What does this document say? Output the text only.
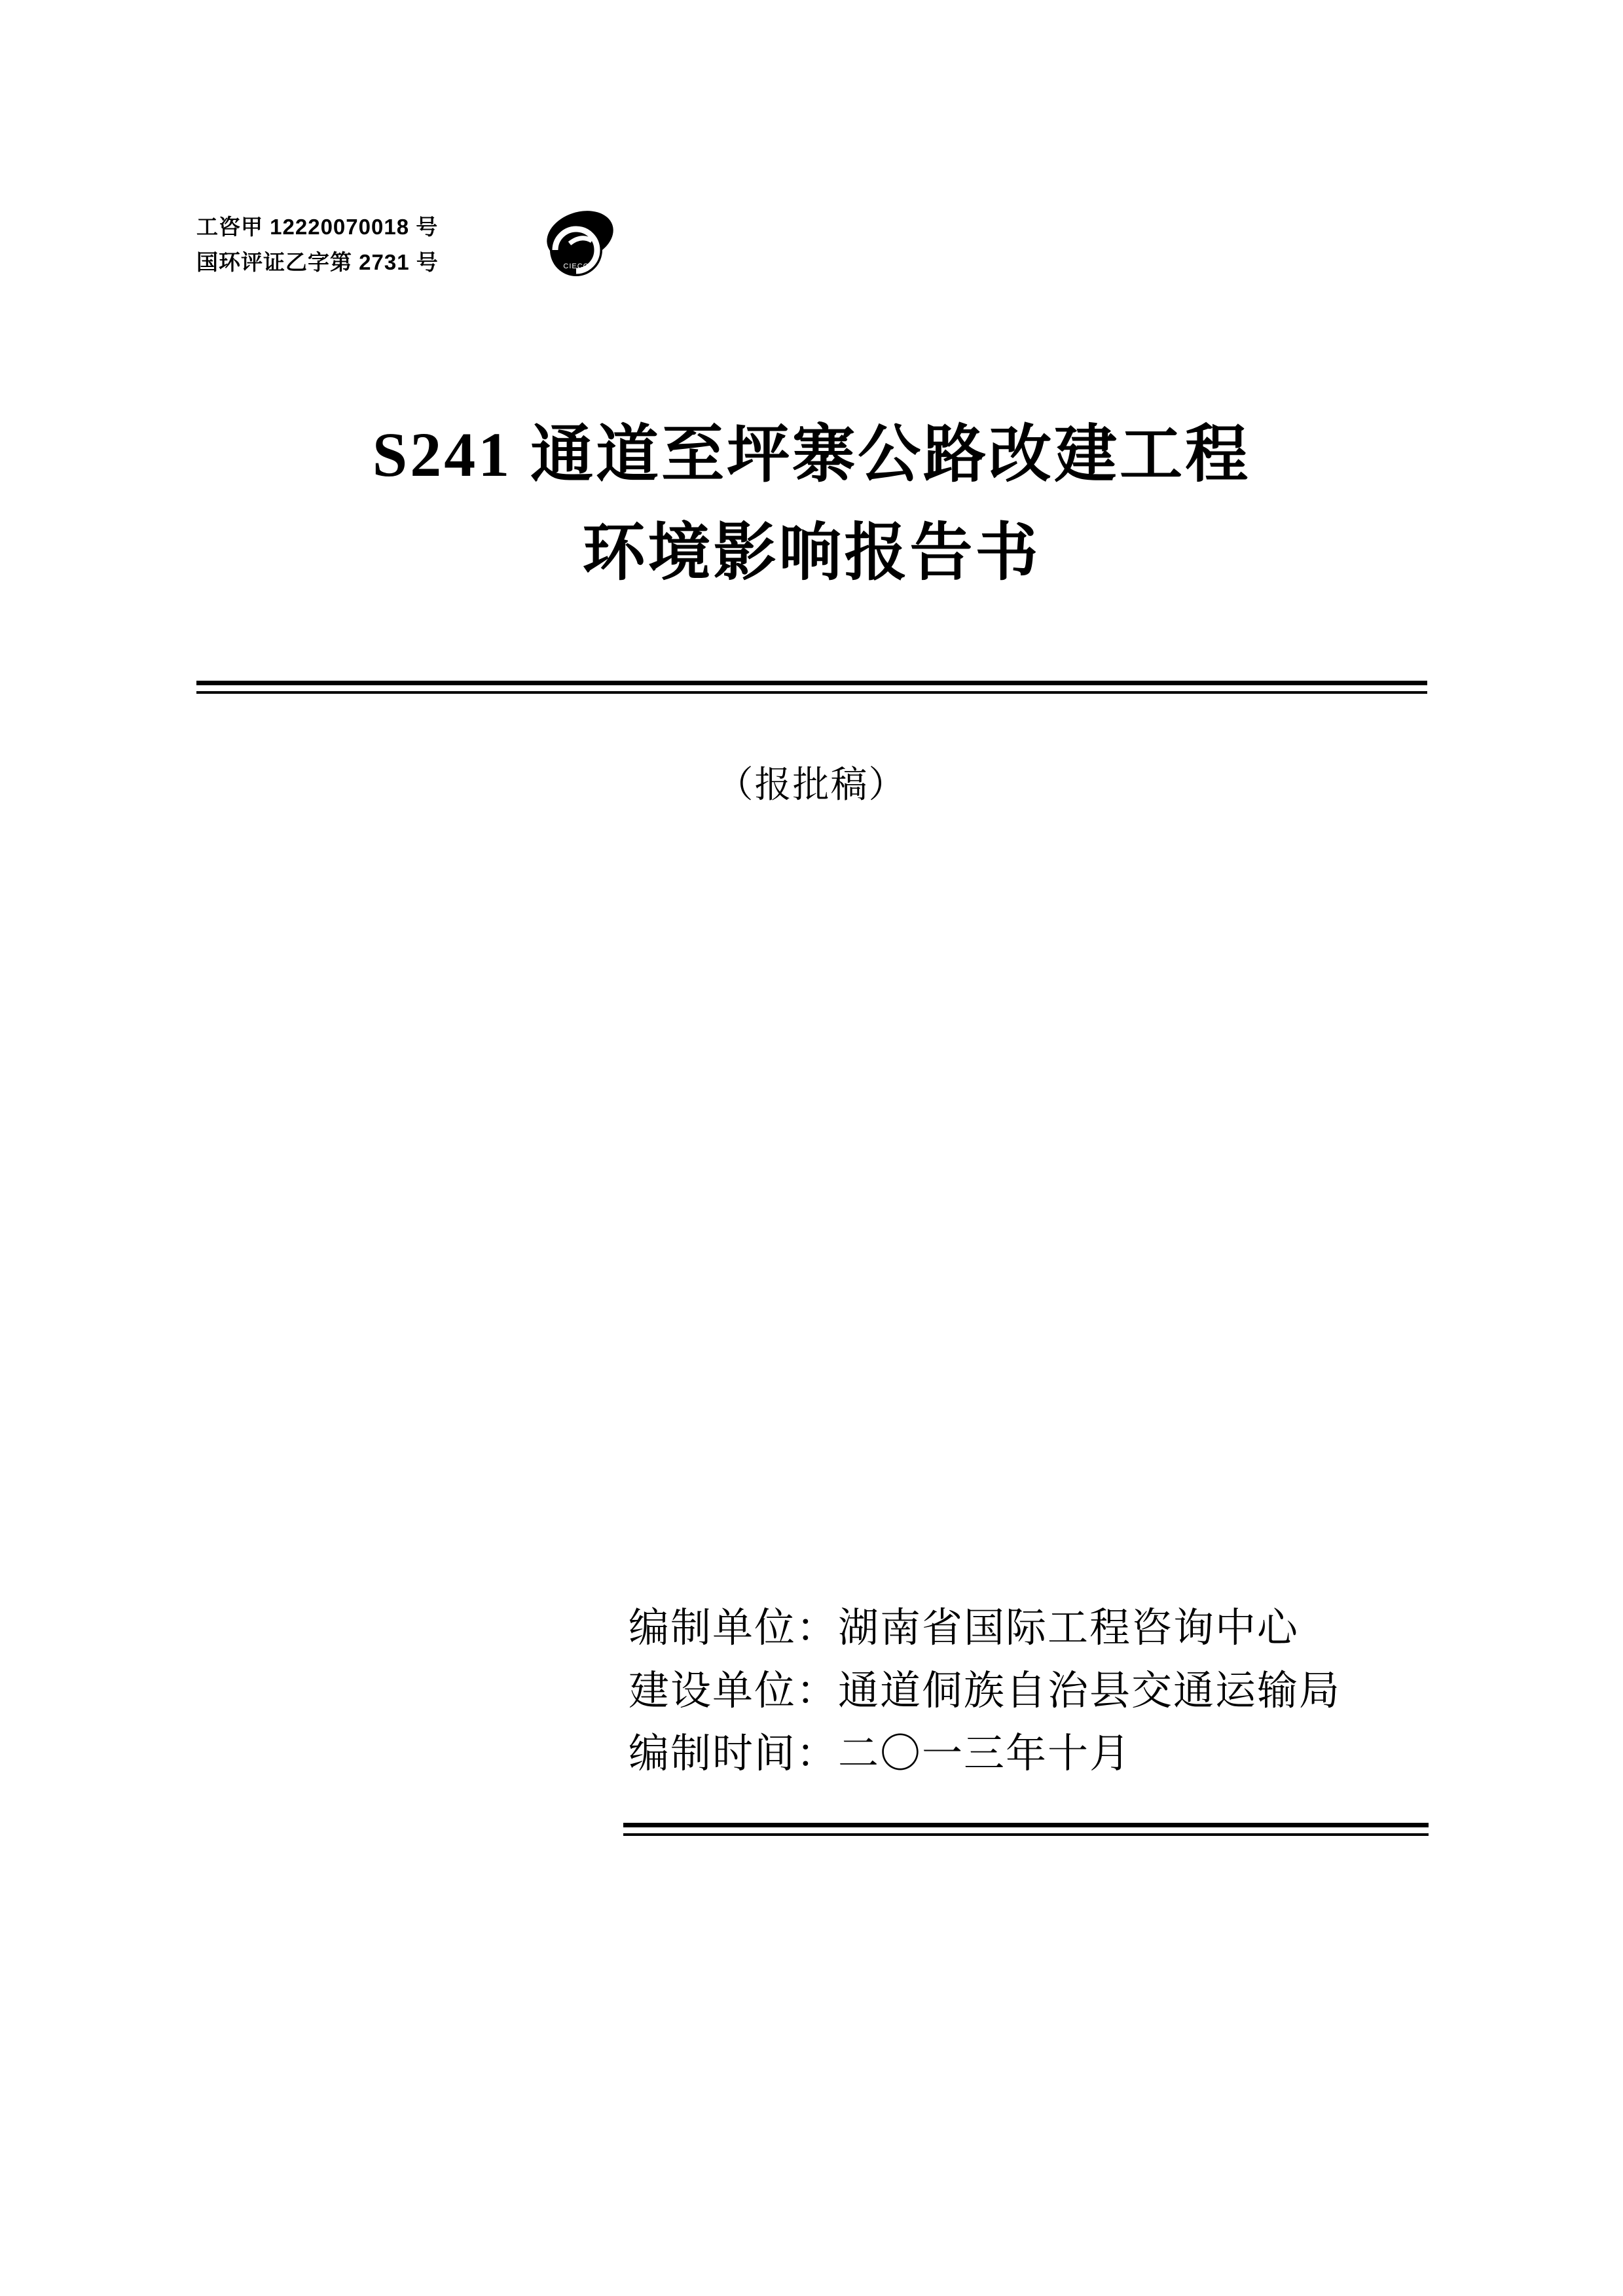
工咨甲 12220070018 号
国环评证乙字第 2731 号	CIECC
S241 通道至坪寨公路改建工程
环境影响报告书
（报批稿）
编制单位：湖南省国际工程咨询中心
建设单位：通道侗族自治县交通运输局
编制时间：二〇一三年十月
